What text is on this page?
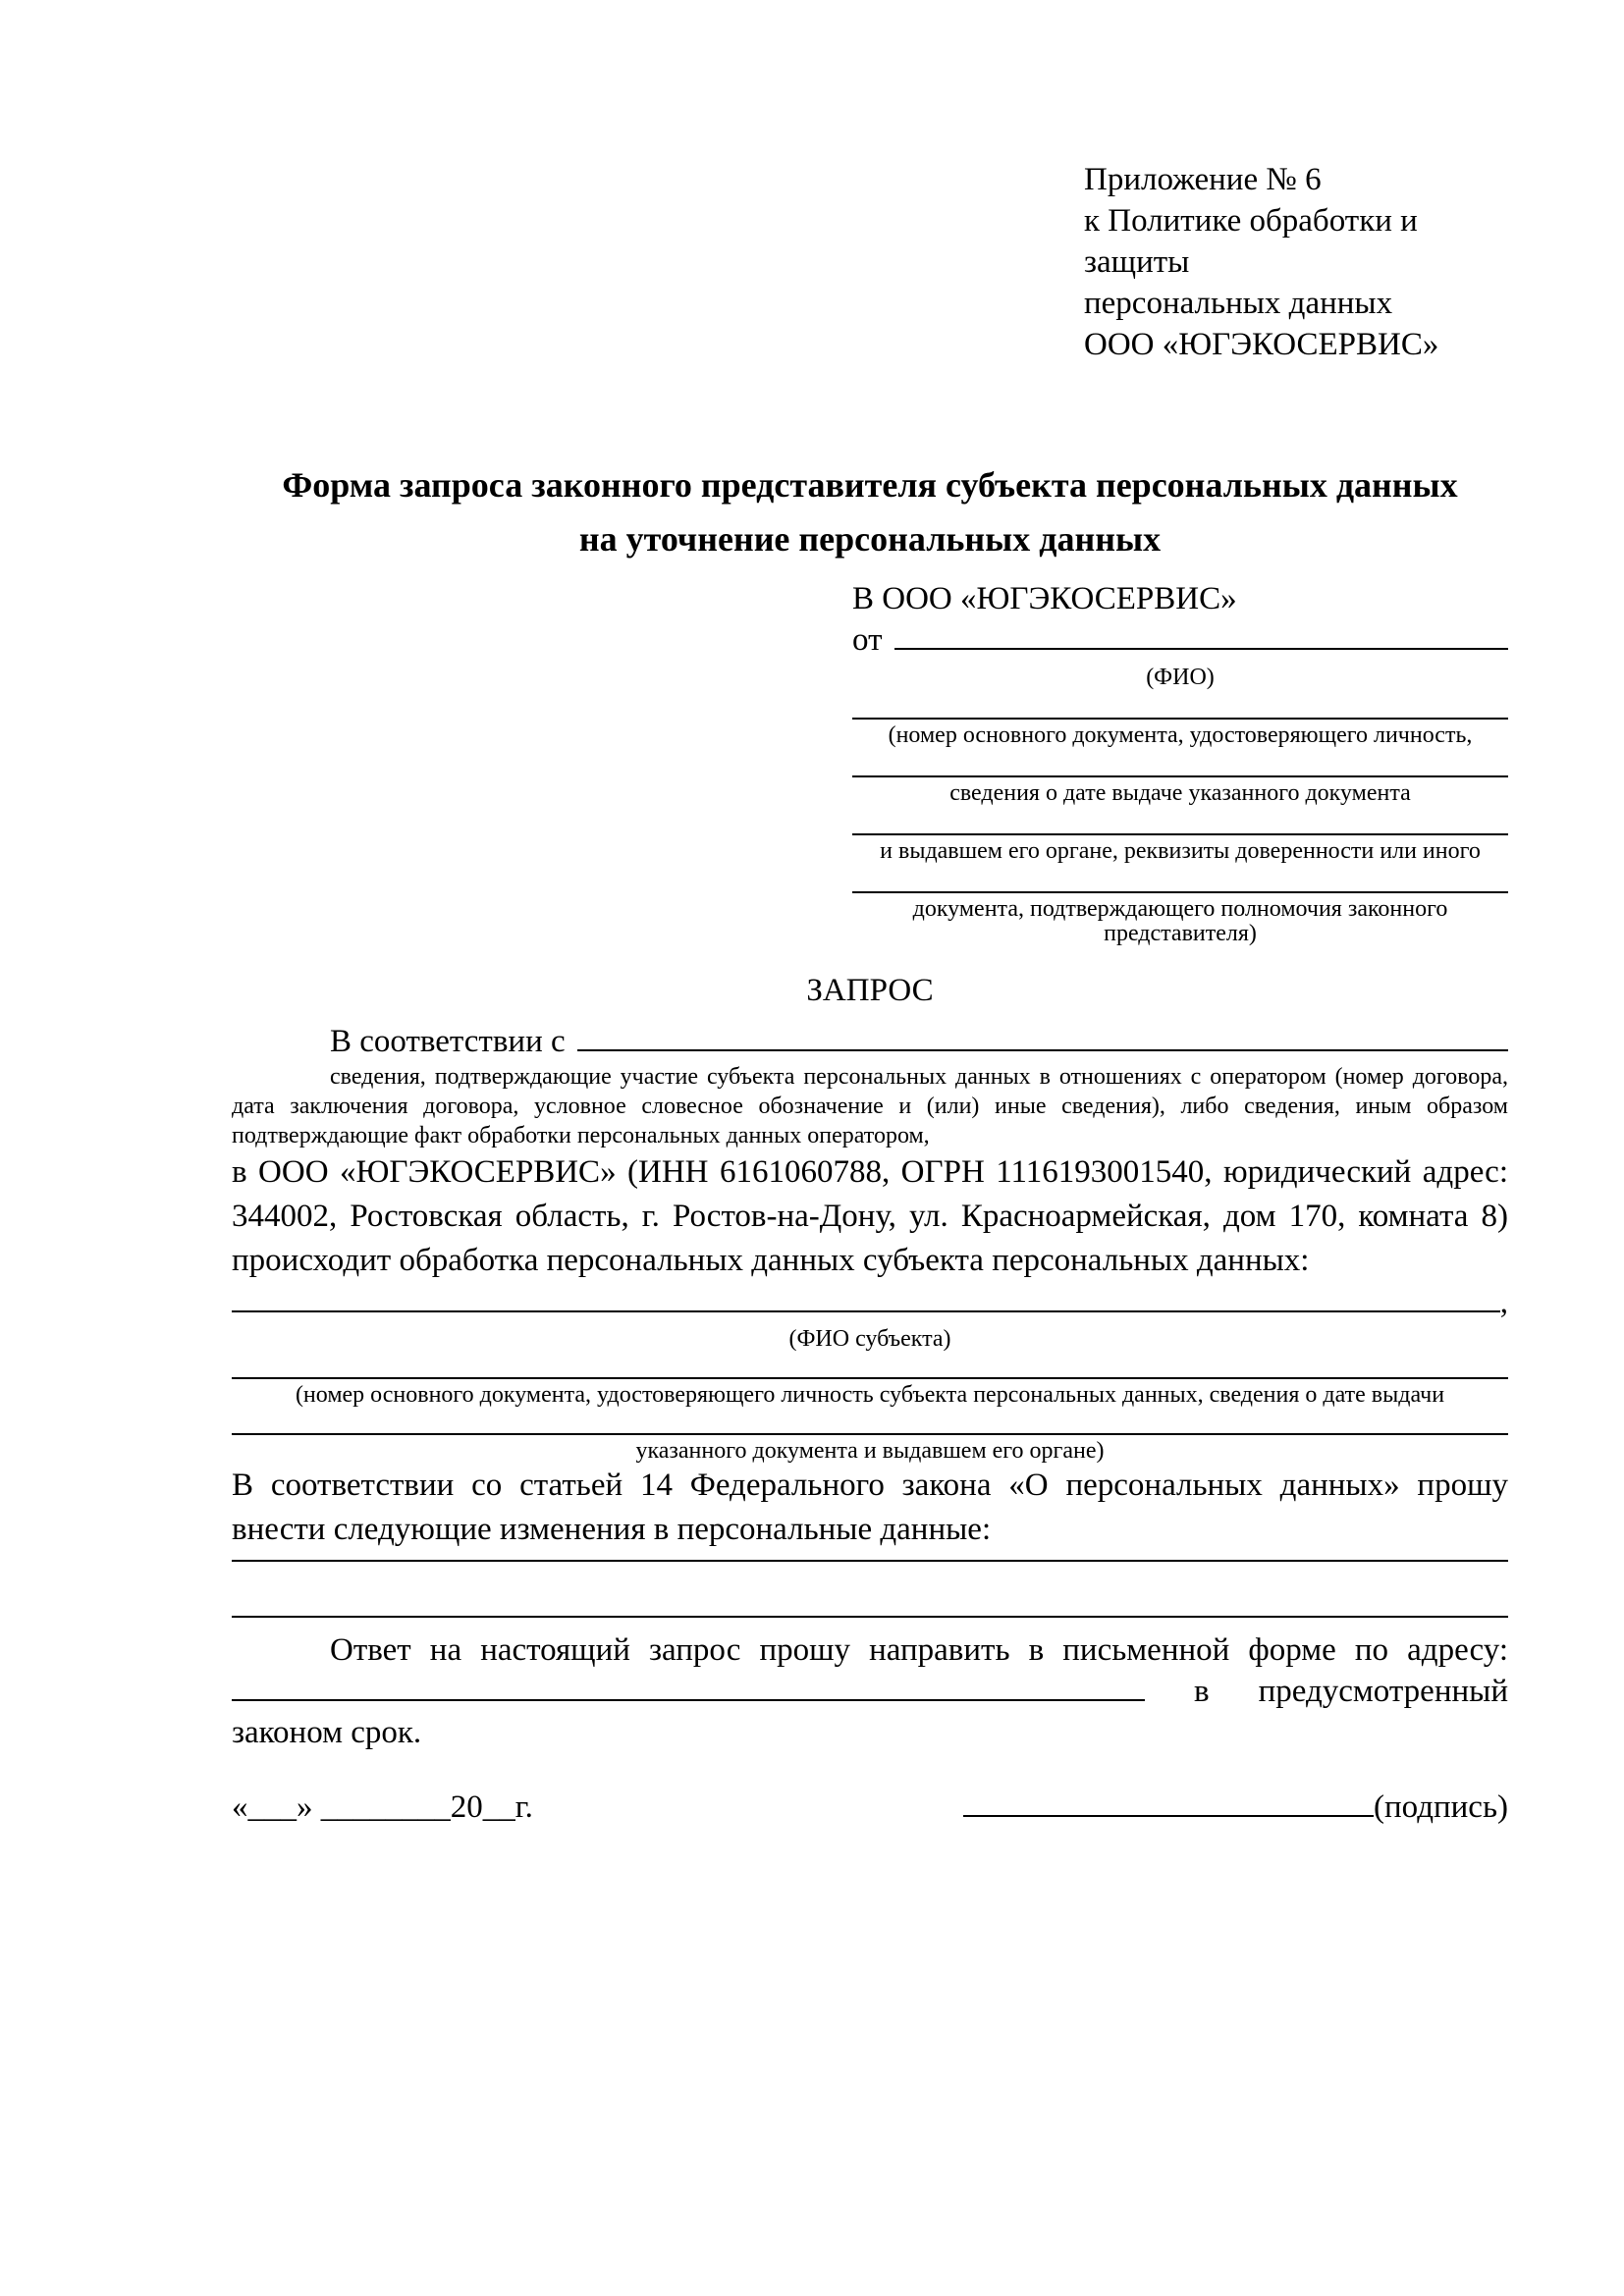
Приложение № 6
к Политике обработки и защиты
персональных данных
ООО «ЮГЭКОСЕРВИС»
Форма запроса законного представителя субъекта персональных данных
на уточнение персональных данных
В ООО «ЮГЭКОСЕРВИС»
от
(ФИО)
(номер основного документа, удостоверяющего личность,
сведения о дате выдаче указанного документа
и выдавшем его органе, реквизиты доверенности или иного
документа, подтверждающего полномочия законного представителя)
ЗАПРОС
В соответствии с
сведения, подтверждающие участие субъекта персональных данных в отношениях с оператором (номер договора, дата заключения договора, условное словесное обозначение и (или) иные сведения), либо сведения, иным образом подтверждающие факт обработки персональных данных оператором,

в ООО «ЮГЭКОСЕРВИС» (ИНН 6161060788, ОГРН 1116193001540, юридический адрес: 344002, Ростовская область, г. Ростов-на-Дону, ул. Красноармейская, дом 170, комната 8) происходит обработка персональных данных субъекта персональных данных:

,
(ФИО субъекта)
(номер основного документа, удостоверяющего личность субъекта персональных данных, сведения о дате выдачи
указанного документа и выдавшем его органе)

В соответствии со статьей 14 Федерального закона «О персональных данных» прошу внести следующие изменения в персональные данные:

Ответ на настоящий запрос прошу направить в письменной форме по адресу:
в предусмотренный
законом срок.
«___» ________20__г.	(подпись)
